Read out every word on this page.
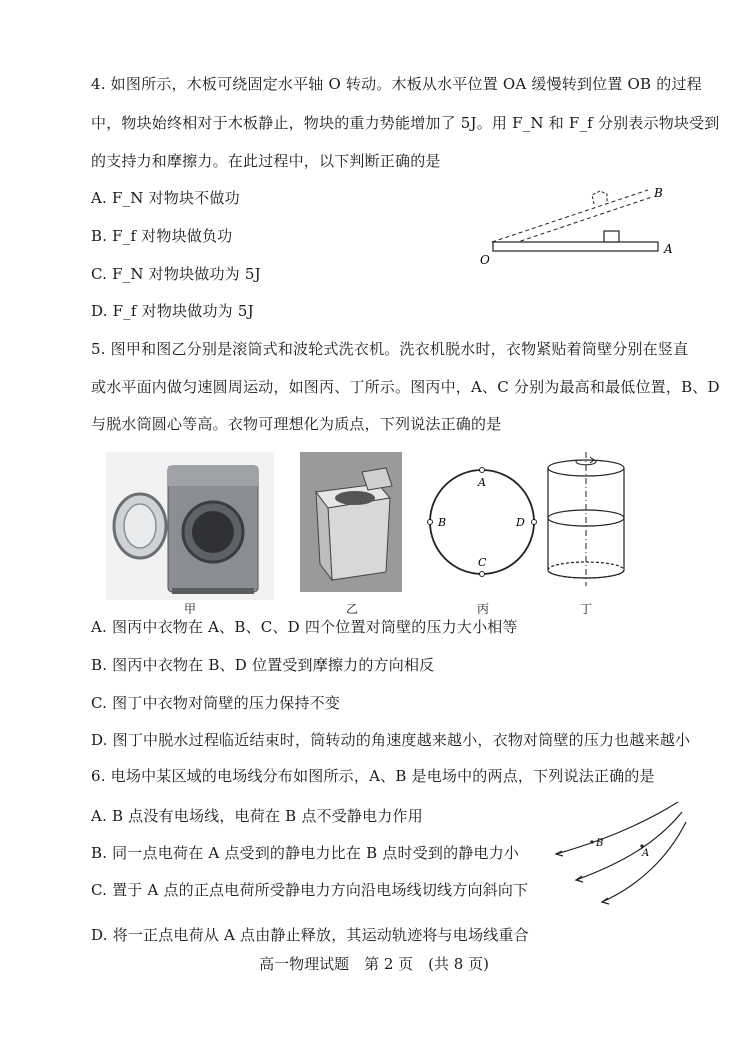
4. 如图所示，木板可绕固定水平轴 O 转动。木板从水平位置 OA 缓慢转到位置 OB 的过程
中，物块始终相对于木板静止，物块的重力势能增加了 5J。用 F_N 和 F_f 分别表示物块受到
的支持力和摩擦力。在此过程中，以下判断正确的是
A. F_N 对物块不做功
B. F_f 对物块做负功
C. F_N 对物块做功为 5J
D. F_f 对物块做功为 5J
O
A
B
5. 图甲和图乙分别是滚筒式和波轮式洗衣机。洗衣机脱水时，衣物紧贴着筒壁分别在竖直
或水平面内做匀速圆周运动，如图丙、丁所示。图丙中，A、C 分别为最高和最低位置，B、D
与脱水筒圆心等高。衣物可理想化为质点，下列说法正确的是
A
C
B	D
甲	乙	丙	丁
A. 图丙中衣物在 A、B、C、D 四个位置对筒壁的压力大小相等
B. 图丙中衣物在 B、D 位置受到摩擦力的方向相反
C. 图丁中衣物对筒壁的压力保持不变
D. 图丁中脱水过程临近结束时，筒转动的角速度越来越小，衣物对筒壁的压力也越来越小
6. 电场中某区域的电场线分布如图所示，A、B 是电场中的两点，下列说法正确的是
A. B 点没有电场线，电荷在 B 点不受静电力作用
B. 同一点电荷在 A 点受到的静电力比在 B 点时受到的静电力小
C. 置于 A 点的正点电荷所受静电力方向沿电场线切线方向斜向下
D. 将一正点电荷从 A 点由静止释放，其运动轨迹将与电场线重合
B
A
高一物理试题　第 2 页　(共 8 页)
